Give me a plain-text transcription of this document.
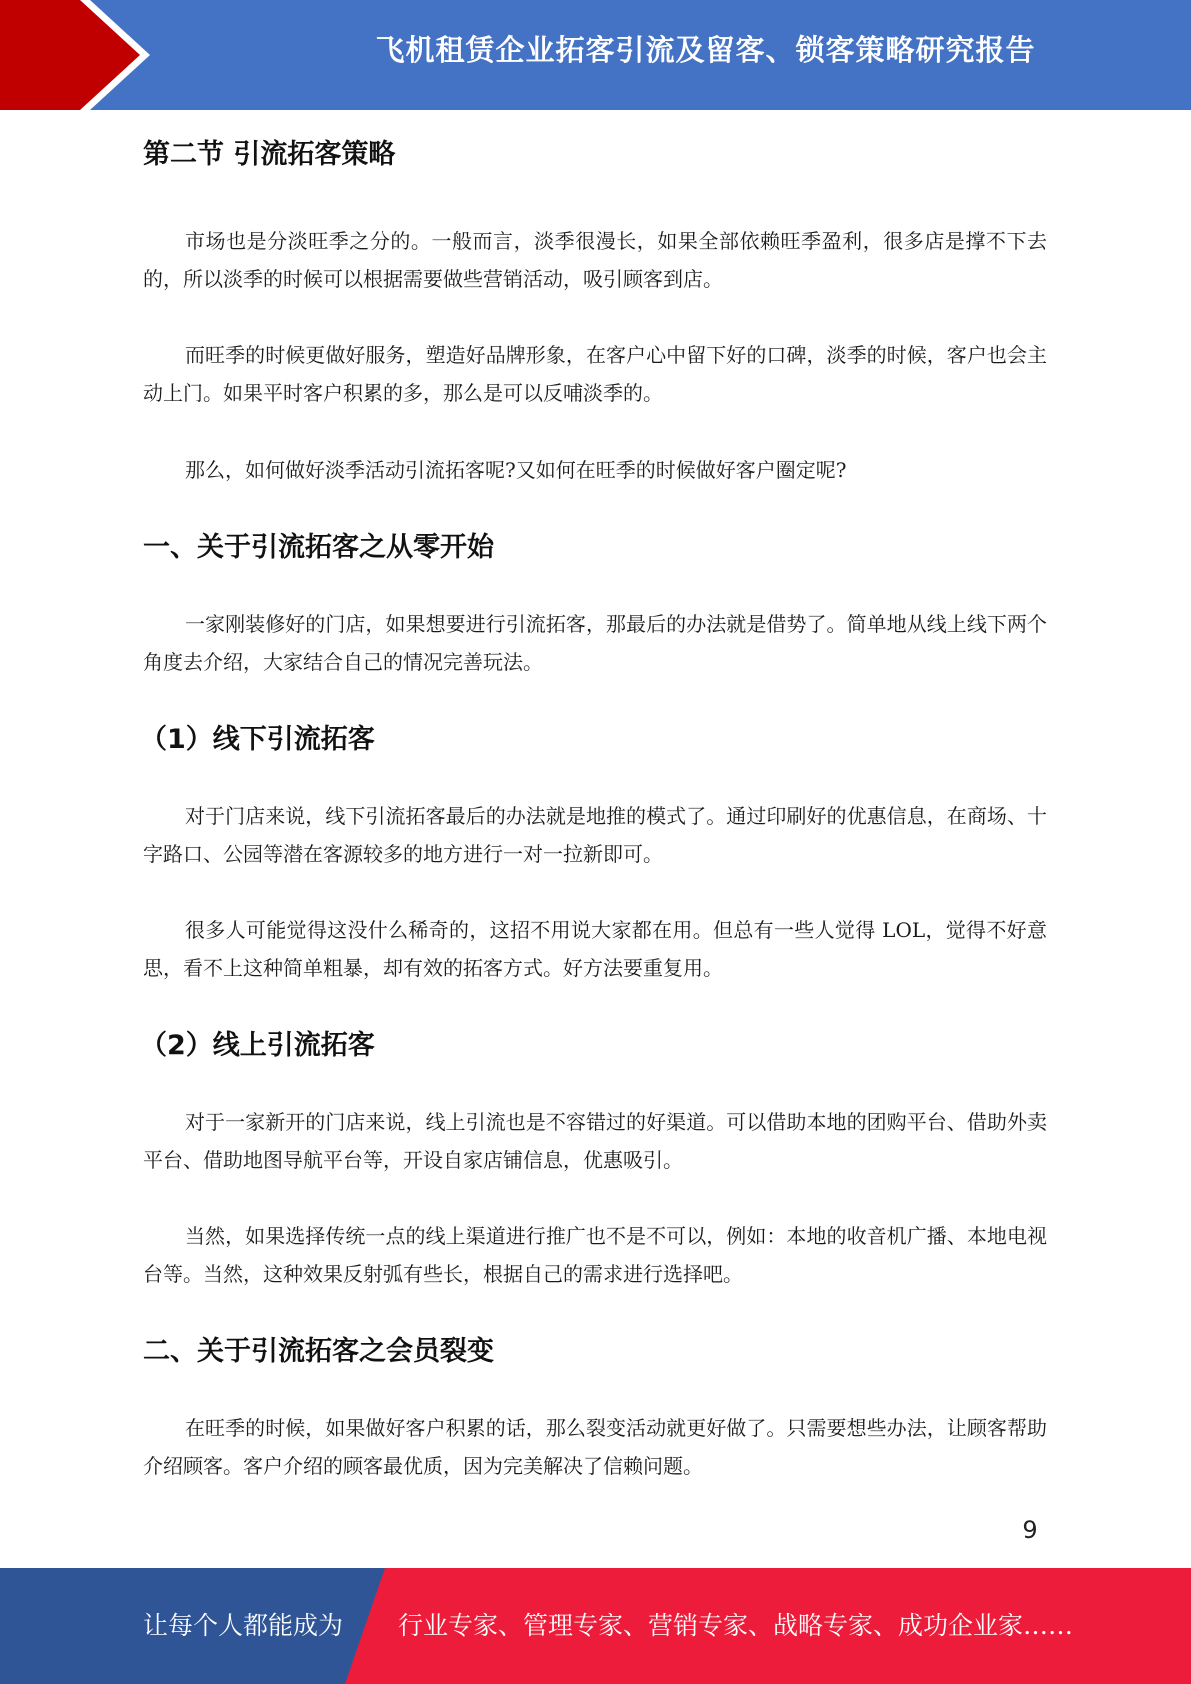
飞机租赁企业拓客引流及留客、锁客策略研究报告
第二节 引流拓客策略

市场也是分淡旺季之分的。一般而言，淡季很漫长，如果全部依赖旺季盈利，很多店是撑不下去的，所以淡季的时候可以根据需要做些营销活动，吸引顾客到店。

而旺季的时候更做好服务，塑造好品牌形象，在客户心中留下好的口碑，淡季的时候，客户也会主动上门。如果平时客户积累的多，那么是可以反哺淡季的。

那么，如何做好淡季活动引流拓客呢?又如何在旺季的时候做好客户圈定呢?

一、关于引流拓客之从零开始

一家刚装修好的门店，如果想要进行引流拓客，那最后的办法就是借势了。简单地从线上线下两个角度去介绍，大家结合自己的情况完善玩法。

（1）线下引流拓客

对于门店来说，线下引流拓客最后的办法就是地推的模式了。通过印刷好的优惠信息，在商场、十字路口、公园等潜在客源较多的地方进行一对一拉新即可。

很多人可能觉得这没什么稀奇的，这招不用说大家都在用。但总有一些人觉得 LOL，觉得不好意思，看不上这种简单粗暴，却有效的拓客方式。好方法要重复用。

（2）线上引流拓客

对于一家新开的门店来说，线上引流也是不容错过的好渠道。可以借助本地的团购平台、借助外卖平台、借助地图导航平台等，开设自家店铺信息，优惠吸引。

当然，如果选择传统一点的线上渠道进行推广也不是不可以，例如：本地的收音机广播、本地电视台等。当然，这种效果反射弧有些长，根据自己的需求进行选择吧。

二、关于引流拓客之会员裂变

在旺季的时候，如果做好客户积累的话，那么裂变活动就更好做了。只需要想些办法，让顾客帮助介绍顾客。客户介绍的顾客最优质，因为完美解决了信赖问题。

9
让每个人都能成为 行业专家、管理专家、营销专家、战略专家、成功企业家……
